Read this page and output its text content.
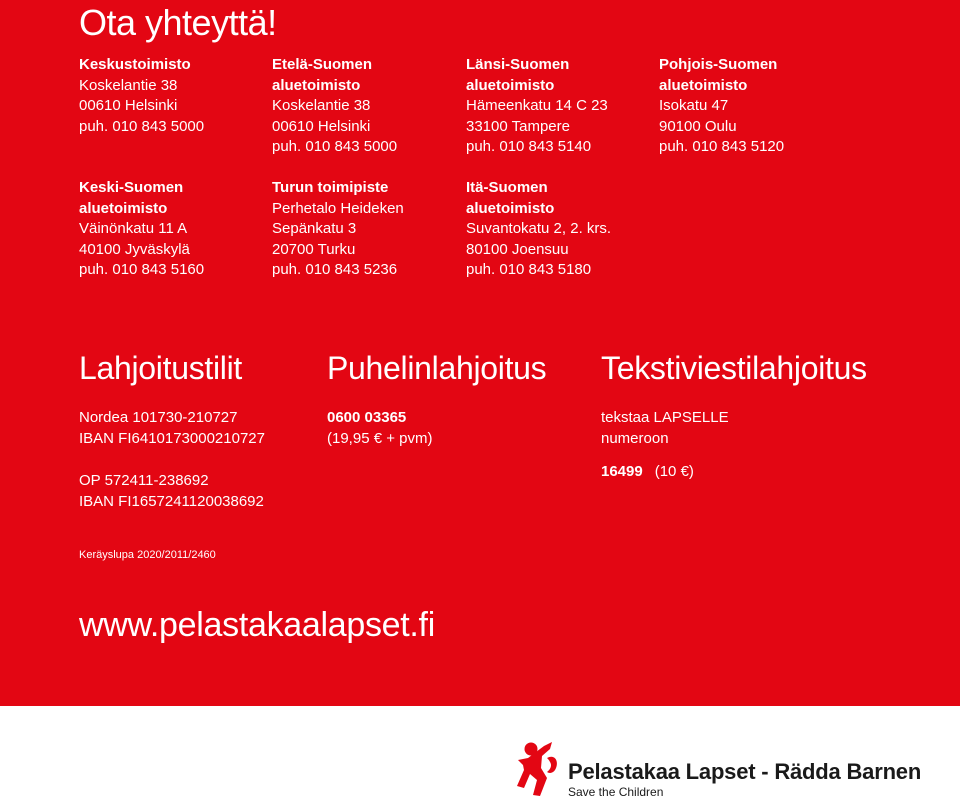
Ota yhteyttä!
Keskustoimisto
Koskelantie 38
00610 Helsinki
puh. 010 843 5000
Etelä-Suomen
aluetoimisto
Koskelantie 38
00610 Helsinki
puh. 010 843 5000
Länsi-Suomen
aluetoimisto
Hämeenkatu 14 C 23
33100 Tampere
puh. 010 843 5140
Pohjois-Suomen
aluetoimisto
Isokatu 47
90100 Oulu
puh. 010 843 5120
Keski-Suomen
aluetoimisto
Väinönkatu 11 A
40100 Jyväskylä
puh. 010 843 5160
Turun toimipiste
Perhetalo Heideken
Sepänkatu 3
20700 Turku
puh. 010 843 5236
Itä-Suomen
aluetoimisto
Suvantokatu 2, 2. krs.
80100 Joensuu
puh. 010 843 5180
Lahjoitustilit	Puhelinlahjoitus Tekstiviestilahjoitus
Nordea 101730-210727
IBAN FI6410173000210727
OP 572411-238692
IBAN FI1657241120038692
0600 03365
(19,95 € + pvm)
tekstaa LAPSELLE
numeroon
16499 (10 €)
Keräyslupa 2020/2011/2460
www.pelastakaalapset.fi
Pelastakaa Lapset - Rädda Barnen
Save the Children
